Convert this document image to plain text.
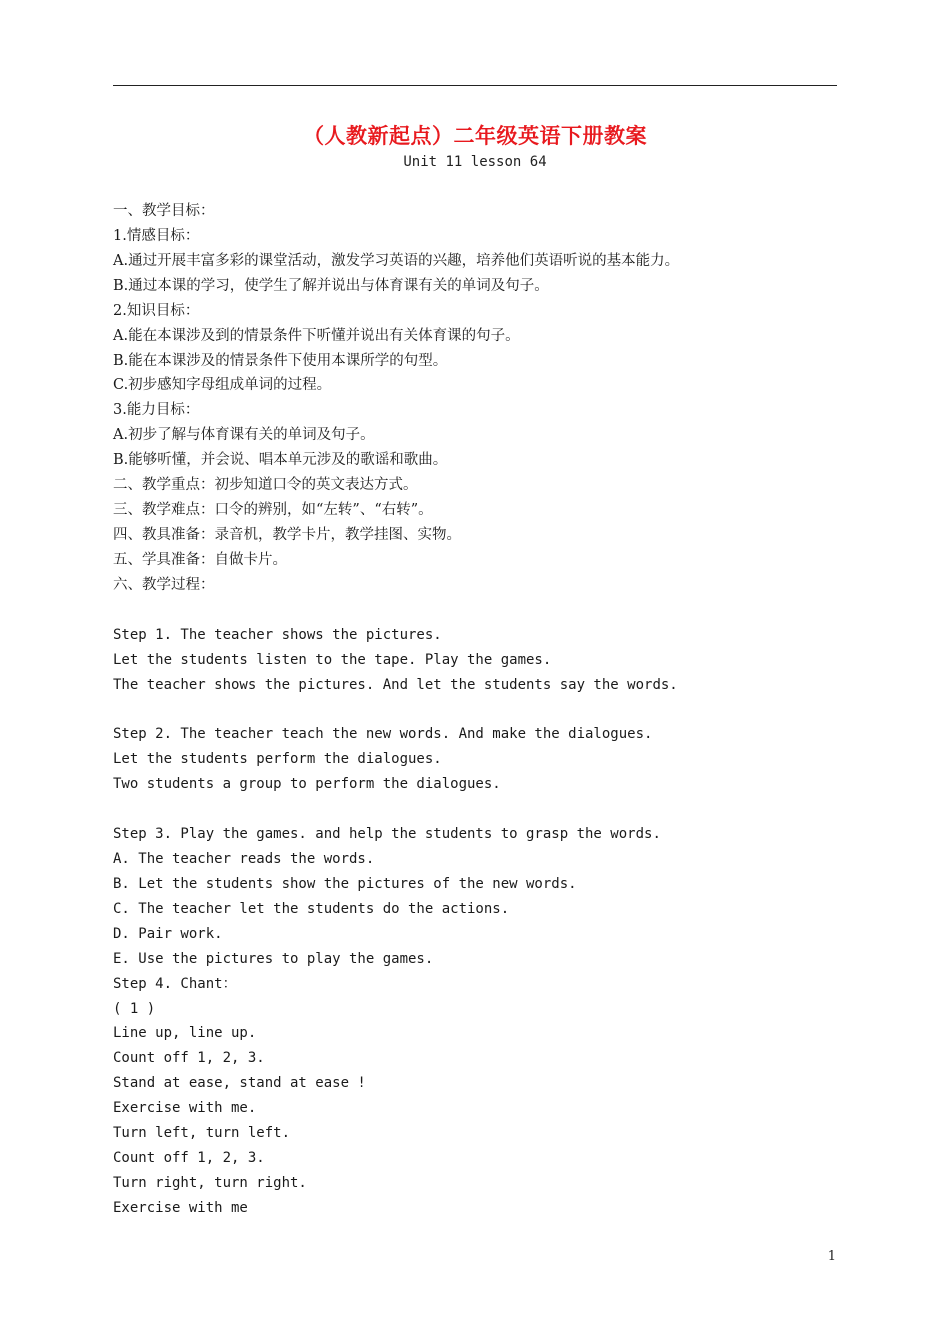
（人教新起点）二年级英语下册教案
Unit 11 lesson 64
一、教学目标：
1.情感目标：
A.通过开展丰富多彩的课堂活动，激发学习英语的兴趣，培养他们英语听说的基本能力。
B.通过本课的学习，使学生了解并说出与体育课有关的单词及句子。
2.知识目标：
A.能在本课涉及到的情景条件下听懂并说出有关体育课的句子。
B.能在本课涉及的情景条件下使用本课所学的句型。
C.初步感知字母组成单词的过程。
3.能力目标：
A.初步了解与体育课有关的单词及句子。
B.能够听懂，并会说、唱本单元涉及的歌谣和歌曲。
二、教学重点：初步知道口令的英文表达方式。
三、教学难点：口令的辨别，如“左转”、“右转”。
四、教具准备：录音机，教学卡片，教学挂图、实物。
五、学具准备：自做卡片。
六、教学过程：
Step 1. The teacher shows the pictures.
Let the students listen to the tape. Play the games.
The teacher shows the pictures. And let the students say the words.
Step 2. The teacher teach the new words. And make the dialogues.
Let the students perform the dialogues.
Two students a group to perform the dialogues.
Step 3. Play the games. and help the students to grasp the words.
A. The teacher reads the words.
B. Let the students show the pictures of the new words.
C. The teacher let the students do the actions.
D. Pair work.
E. Use the pictures to play the games.
Step 4. Chant：
( 1 )
Line up, line up.
Count off 1, 2, 3.
Stand at ease, stand at ease !
Exercise with me.
Turn left, turn left.
Count off 1, 2, 3.
Turn right, turn right.
Exercise with me
1
